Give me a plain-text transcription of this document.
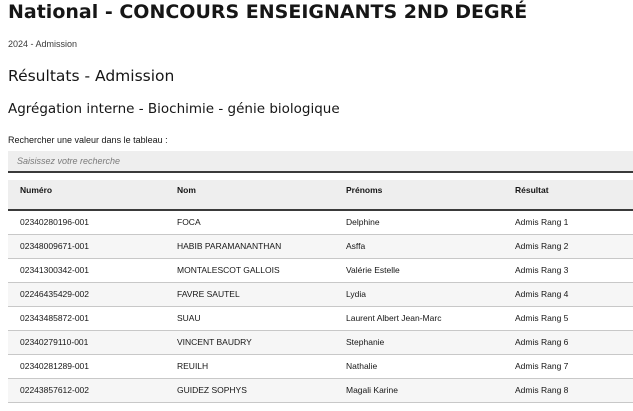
National - CONCOURS ENSEIGNANTS 2ND DEGRÉ
2024 - Admission
Résultats - Admission
Agrégation interne - Biochimie - génie biologique
Rechercher une valeur dans le tableau :
Saisissez votre recherche
Numéro	Nom	Prénoms	Résultat
02340280196-001	FOCA	Delphine	Admis Rang 1
02348009671-001	HABIB PARAMANANTHAN	Asffa	Admis Rang 2
02341300342-001	MONTALESCOT GALLOIS	Valérie Estelle	Admis Rang 3
02246435429-002	FAVRE SAUTEL	Lydia	Admis Rang 4
02343485872-001	SUAU	Laurent Albert Jean-Marc	Admis Rang 5
02340279110-001	VINCENT BAUDRY	Stephanie	Admis Rang 6
02340281289-001	REUILH	Nathalie	Admis Rang 7
02243857612-002	GUIDEZ SOPHYS	Magali Karine	Admis Rang 8
